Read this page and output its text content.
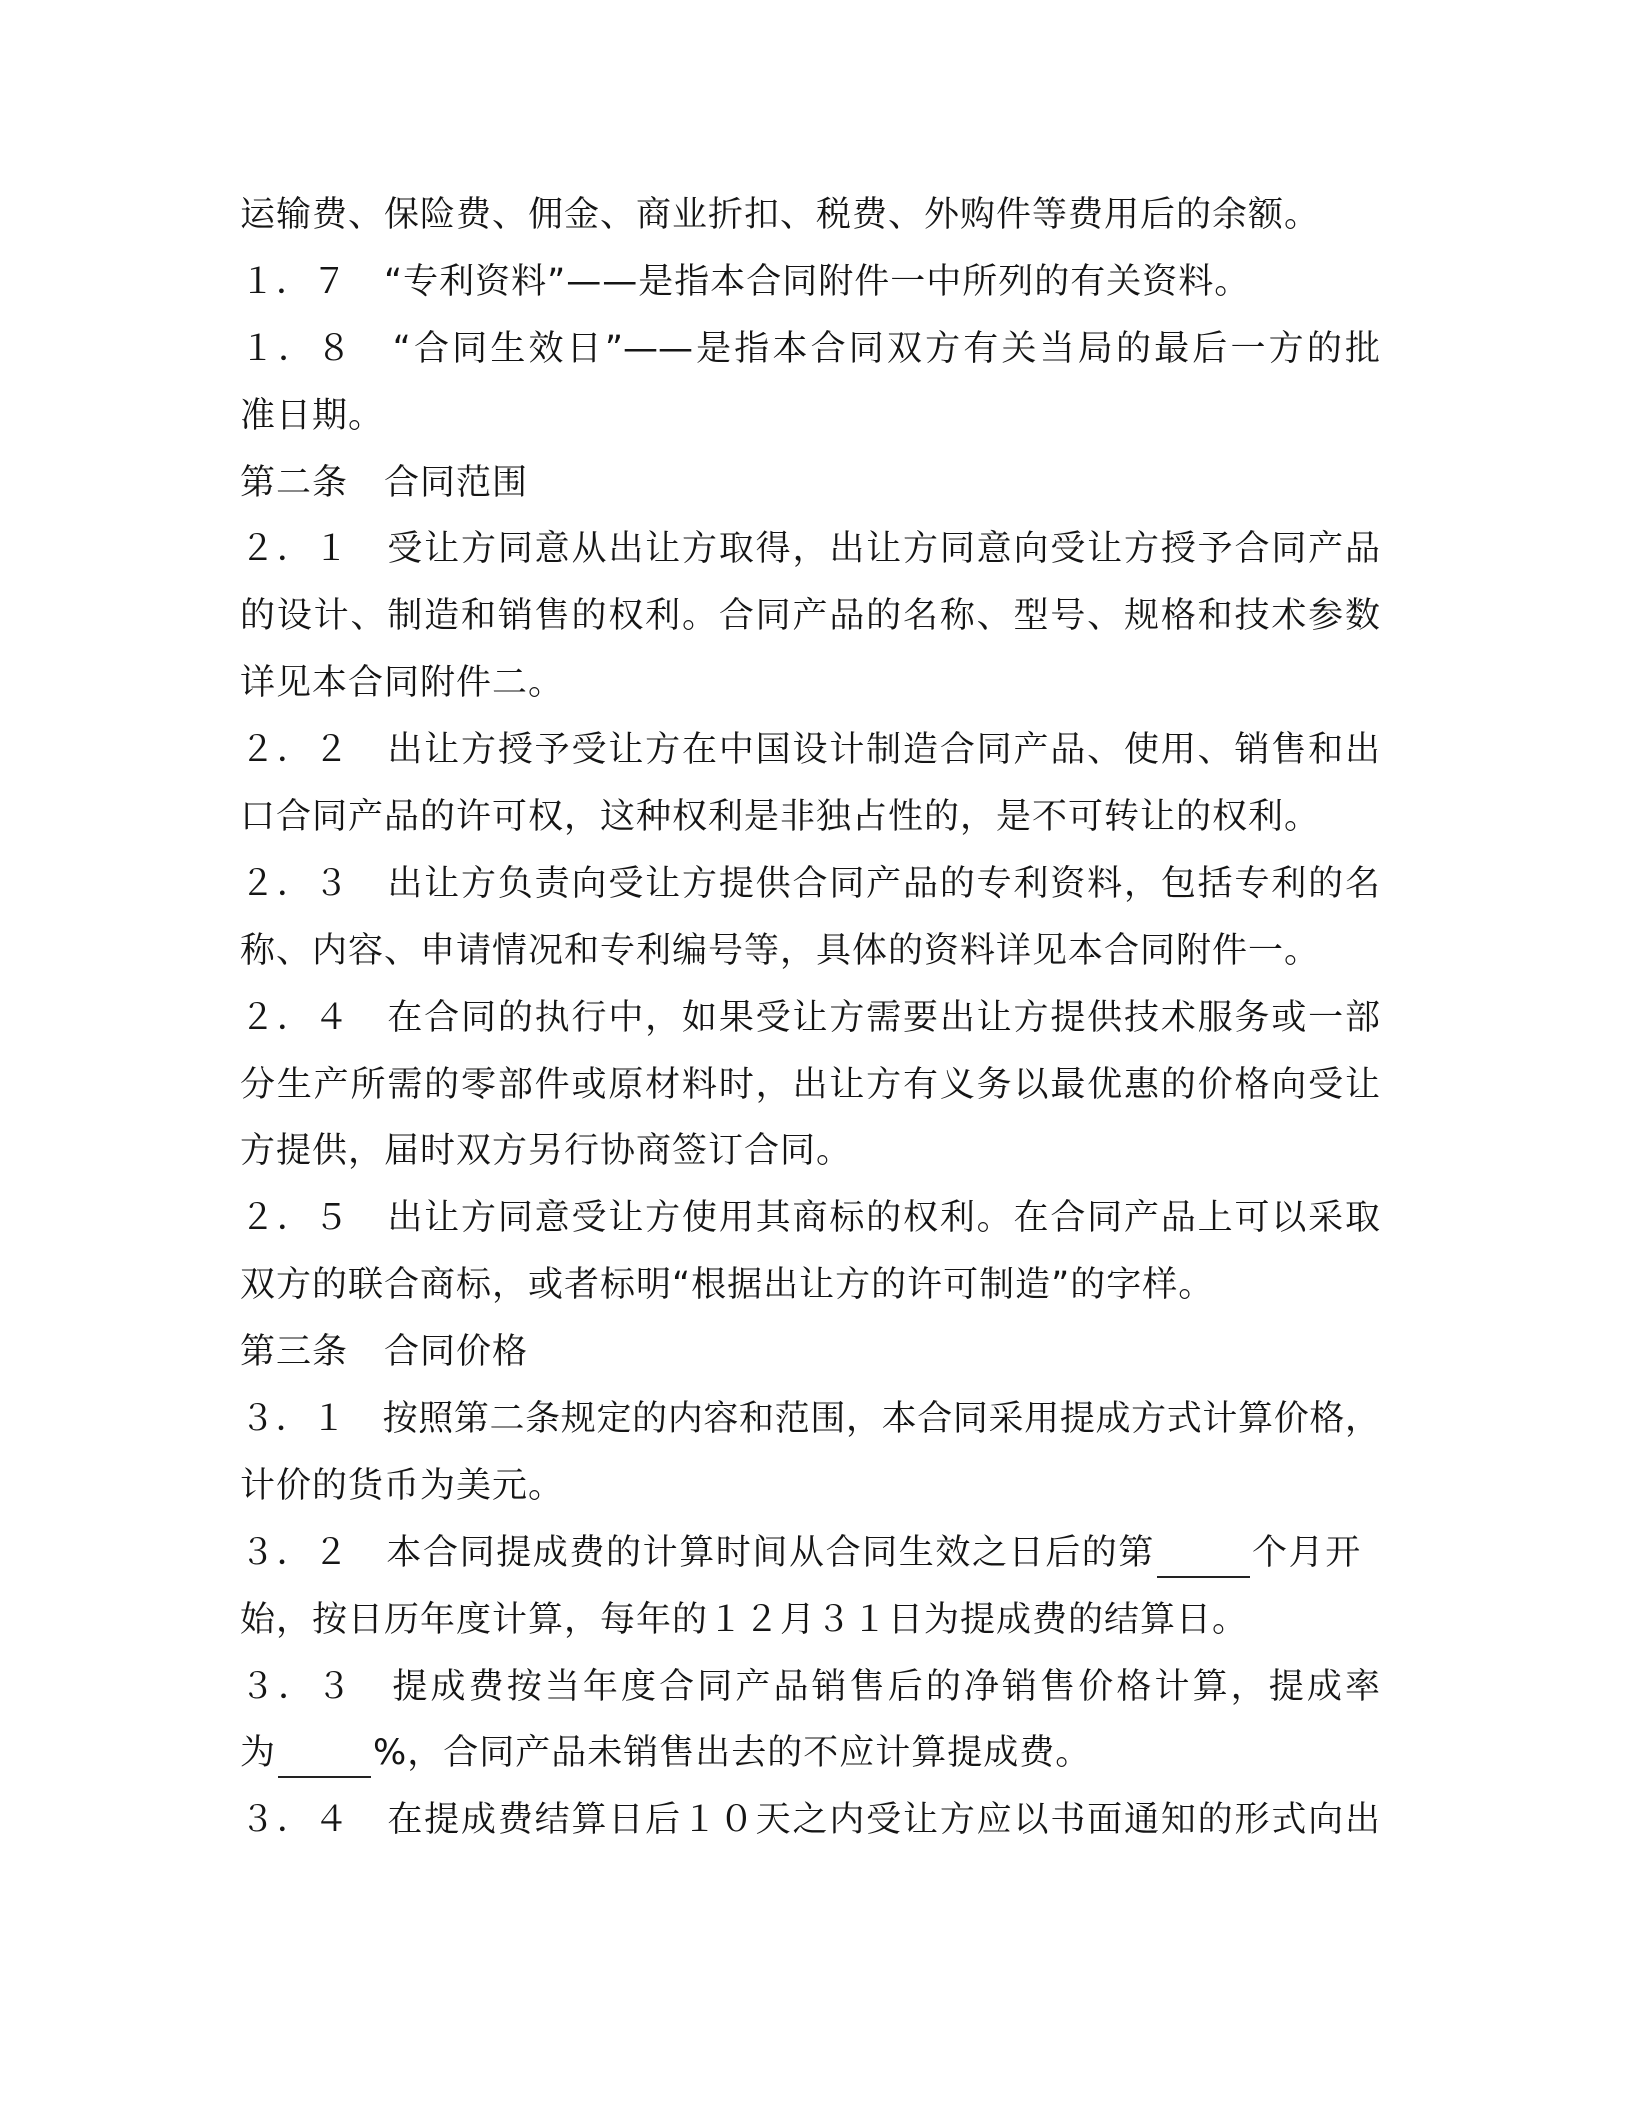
运输费、保险费、佣金、商业折扣、税费、外购件等费用后的余额。
１．７　“专利资料”——是指本合同附件一中所列的有关资料。
１．８　“合同生效日”——是指本合同双方有关当局的最后一方的批
准日期。
第二条　合同范围
２．１　受让方同意从出让方取得，出让方同意向受让方授予合同产品
的设计、制造和销售的权利。合同产品的名称、型号、规格和技术参数
详见本合同附件二。
２．２　出让方授予受让方在中国设计制造合同产品、使用、销售和出
口合同产品的许可权，这种权利是非独占性的，是不可转让的权利。
２．３　出让方负责向受让方提供合同产品的专利资料，包括专利的名
称、内容、申请情况和专利编号等，具体的资料详见本合同附件一。
２．４　在合同的执行中，如果受让方需要出让方提供技术服务或一部
分生产所需的零部件或原材料时，出让方有义务以最优惠的价格向受让
方提供，届时双方另行协商签订合同。
２．５　出让方同意受让方使用其商标的权利。在合同产品上可以采取
双方的联合商标，或者标明“根据出让方的许可制造”的字样。
第三条　合同价格
３．１　按照第二条规定的内容和范围，本合同采用提成方式计算价格，
计价的货币为美元。
３．２　本合同提成费的计算时间从合同生效之日后的第	个月开
始，按日历年度计算，每年的１２月３１日为提成费的结算日。
３．３　提成费按当年度合同产品销售后的净销售价格计算，提成率
为	%，合同产品未销售出去的不应计算提成费。
３．４　在提成费结算日后１０天之内受让方应以书面通知的形式向出
